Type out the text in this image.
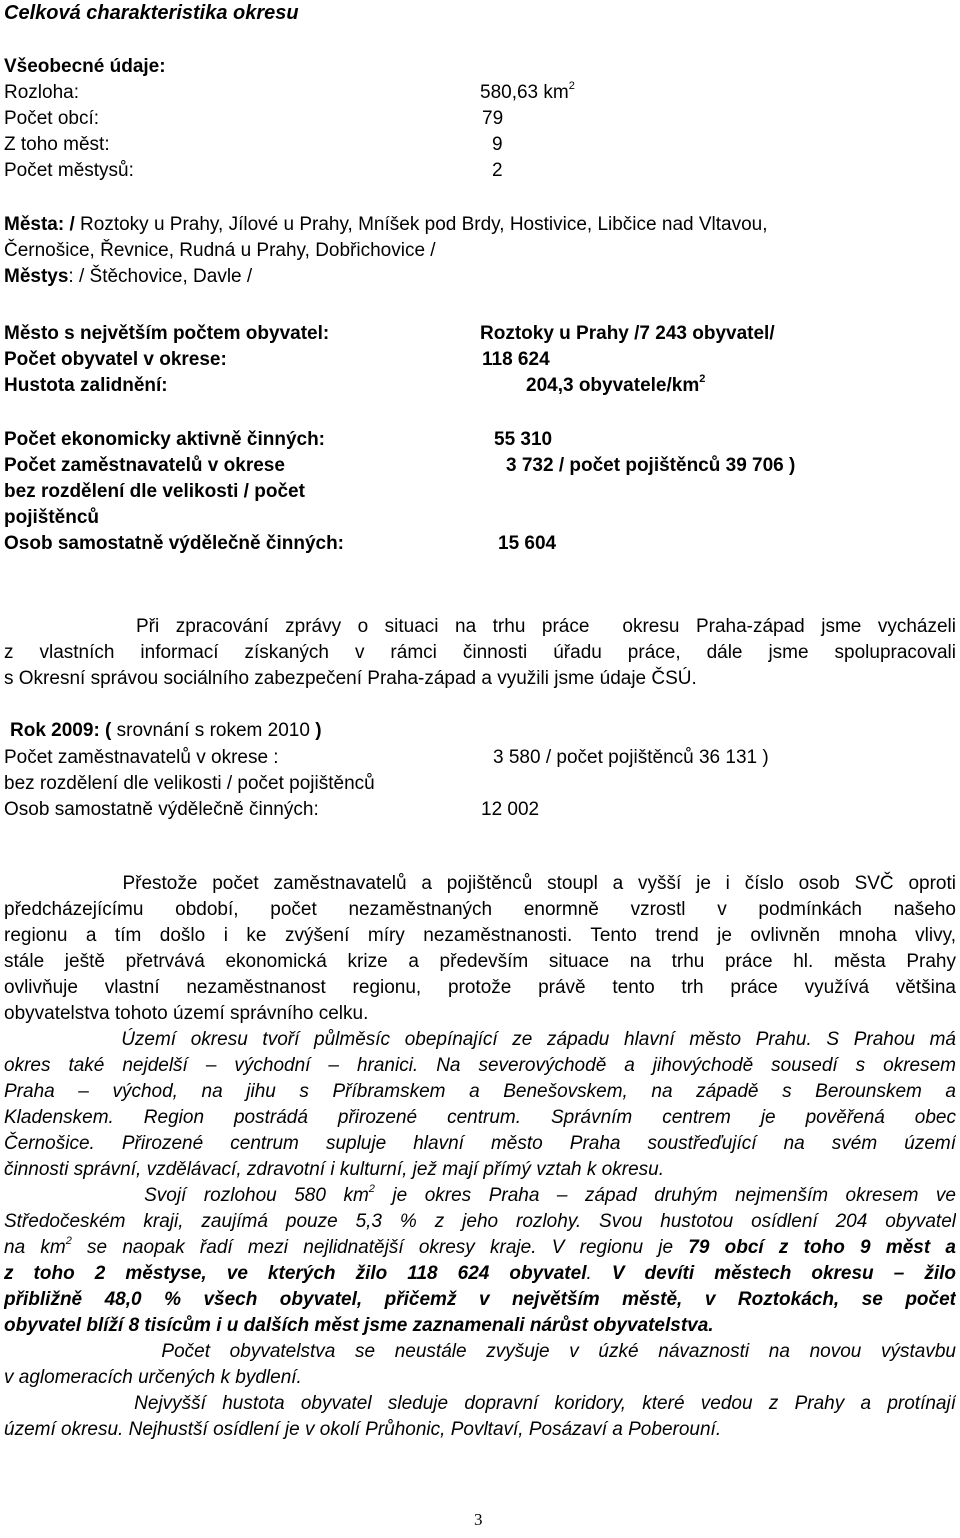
Celková charakteristika okresu
Všeobecné údaje:
Rozloha:	580,63 $km^2$
Počet obcí:	79
Z toho měst:	9
Počet městysů:	2
Města: / Roztoky u Prahy, Jílové u Prahy, Mníšek pod Brdy, Hostivice, Libčice nad Vltavou,
Černošice, Řevnice, Rudná u Prahy, Dobřichovice /
Městys: / Štěchovice, Davle /
Město s největším počtem obyvatel:	Roztoky u Prahy /7 243 obyvatel/
Počet obyvatel v okrese:	118 624
Hustota zalidnění:	204,3 obyvatele/$km^2$
Počet ekonomicky aktivně činných:	55 310
Počet zaměstnavatelů v okrese	3 732 / počet pojištěnců 39 706 )
bez rozdělení dle velikosti / počet
pojištěnců
Osob samostatně výdělečně činných:	15 604
Při zpracování zprávy o situaci na trhu práce  okresu Praha-západ jsme vycházeli
z vlastních informací získaných v rámci činnosti úřadu práce, dále jsme spolupracovali
s Okresní správou sociálního zabezpečení Praha-západ a využili jsme údaje ČSÚ.
Rok 2009: ( srovnání s rokem 2010 )
Počet zaměstnavatelů v okrese :	3 580 / počet pojištěnců 36 131 )
bez rozdělení dle velikosti / počet pojištěnců
Osob samostatně výdělečně činných:	12 002
Přestože počet zaměstnavatelů a pojištěnců stoupl a vyšší je i číslo osob SVČ oproti
předcházejícímu období, počet nezaměstnaných enormně vzrostl v podmínkách našeho
regionu a tím došlo i ke zvýšení míry nezaměstnanosti. Tento trend je ovlivněn mnoha vlivy,
stále ještě přetrvává ekonomická krize a především situace na trhu práce hl. města Prahy
ovlivňuje vlastní nezaměstnanost regionu, protože právě tento trh práce využívá většina
obyvatelstva tohoto území správního celku.
Území okresu tvoří půlměsíc obepínající ze západu hlavní město Prahu. S Prahou má
okres také nejdelší – východní – hranici. Na severovýchodě a jihovýchodě sousedí s okresem
Praha – východ, na jihu s Příbramskem a Benešovskem, na západě s Berounskem a
Kladenskem. Region postrádá přirozené centrum. Správním centrem je pověřená obec
Černošice. Přirozené centrum supluje hlavní město Praha soustřeďující na svém území
činnosti správní, vzdělávací, zdravotní i kulturní, jež mají přímý vztah k okresu.
Svojí rozlohou 580 $km^2$ je okres Praha – západ druhým nejmenším okresem ve
Středočeském kraji, zaujímá pouze 5,3 % z jeho rozlohy. Svou hustotou osídlení 204 obyvatel
na $km^2$ se naopak řadí mezi nejlidnatější okresy kraje. V regionu je 79 obcí z toho 9 měst a
z toho 2 městyse, ve kterých žilo 118 624 obyvatel. V devíti městech okresu – žilo
přibližně 48,0 % všech obyvatel, přičemž v největším městě, v Roztokách, se počet
obyvatel blíží 8 tisícům i u dalších měst jsme zaznamenali nárůst obyvatelstva.
Počet obyvatelstva se neustále zvyšuje v úzké návaznosti na novou výstavbu
v aglomeracích určených k bydlení.
Nejvyšší hustota obyvatel sleduje dopravní koridory, které vedou z Prahy a protínají
území okresu. Nejhustší osídlení je v okolí Průhonic, Povltaví, Posázaví a Poberouní.
3
